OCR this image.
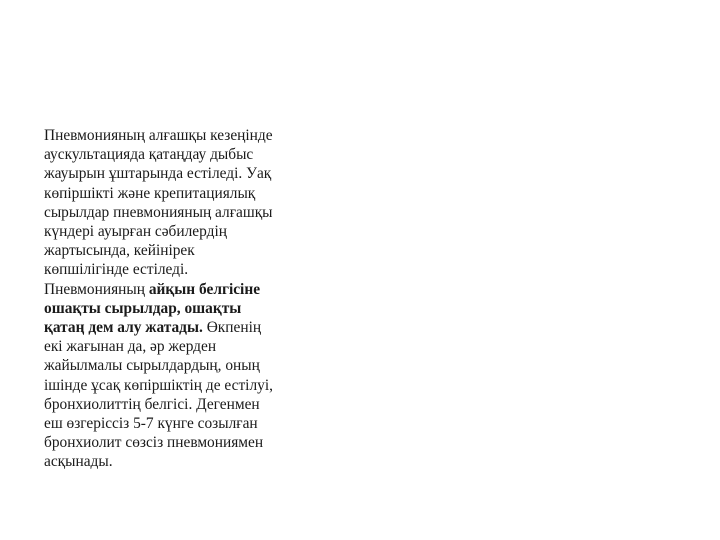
Пневмонияның алғашқы кезеңінде
аускультацияда қатаңдау дыбыс
жауырын ұштарында естіледі. Уақ
көпіршікті және крепитациялық
сырылдар пневмонияның алғашқы
күндері ауырған сәбилердің
жартысында, кейінірек
көпшілігінде естіледі.
Пневмонияның айқын белгісіне
ошақты сырылдар, ошақты
қатаң дем алу жатады. Өкпенің
екі жағынан да, әр жерден
жайылмалы сырылдардың, оның
ішінде ұсақ көпіршіктің де естілуі,
бронхиолиттің белгісі. Дегенмен
еш өзгеріссіз 5-7 күнге созылған
бронхиолит сөзсіз пневмониямен
асқынады.
